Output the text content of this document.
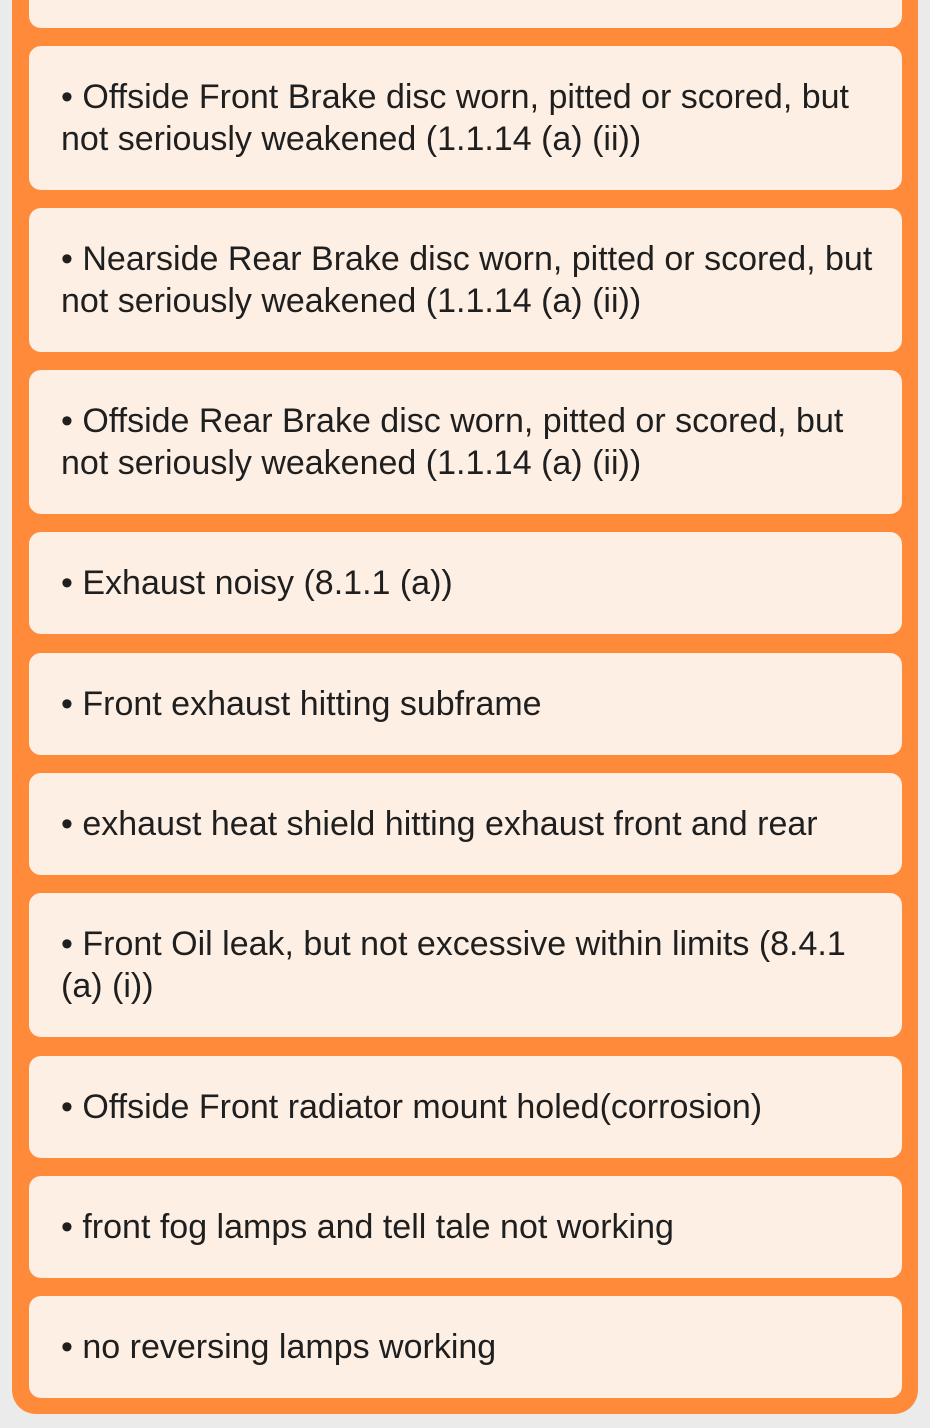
• Offside Front Brake disc worn, pitted or scored, but not seriously weakened (1.1.14 (a) (ii))
• Nearside Rear Brake disc worn, pitted or scored, but not seriously weakened (1.1.14 (a) (ii))
• Offside Rear Brake disc worn, pitted or scored, but not seriously weakened (1.1.14 (a) (ii))
• Exhaust noisy (8.1.1 (a))
• Front exhaust hitting subframe
• exhaust heat shield hitting exhaust front and rear
• Front Oil leak, but not excessive within limits (8.4.1 (a) (i))
• Offside Front radiator mount holed(corrosion)
• front fog lamps and tell tale not working
• no reversing lamps working
